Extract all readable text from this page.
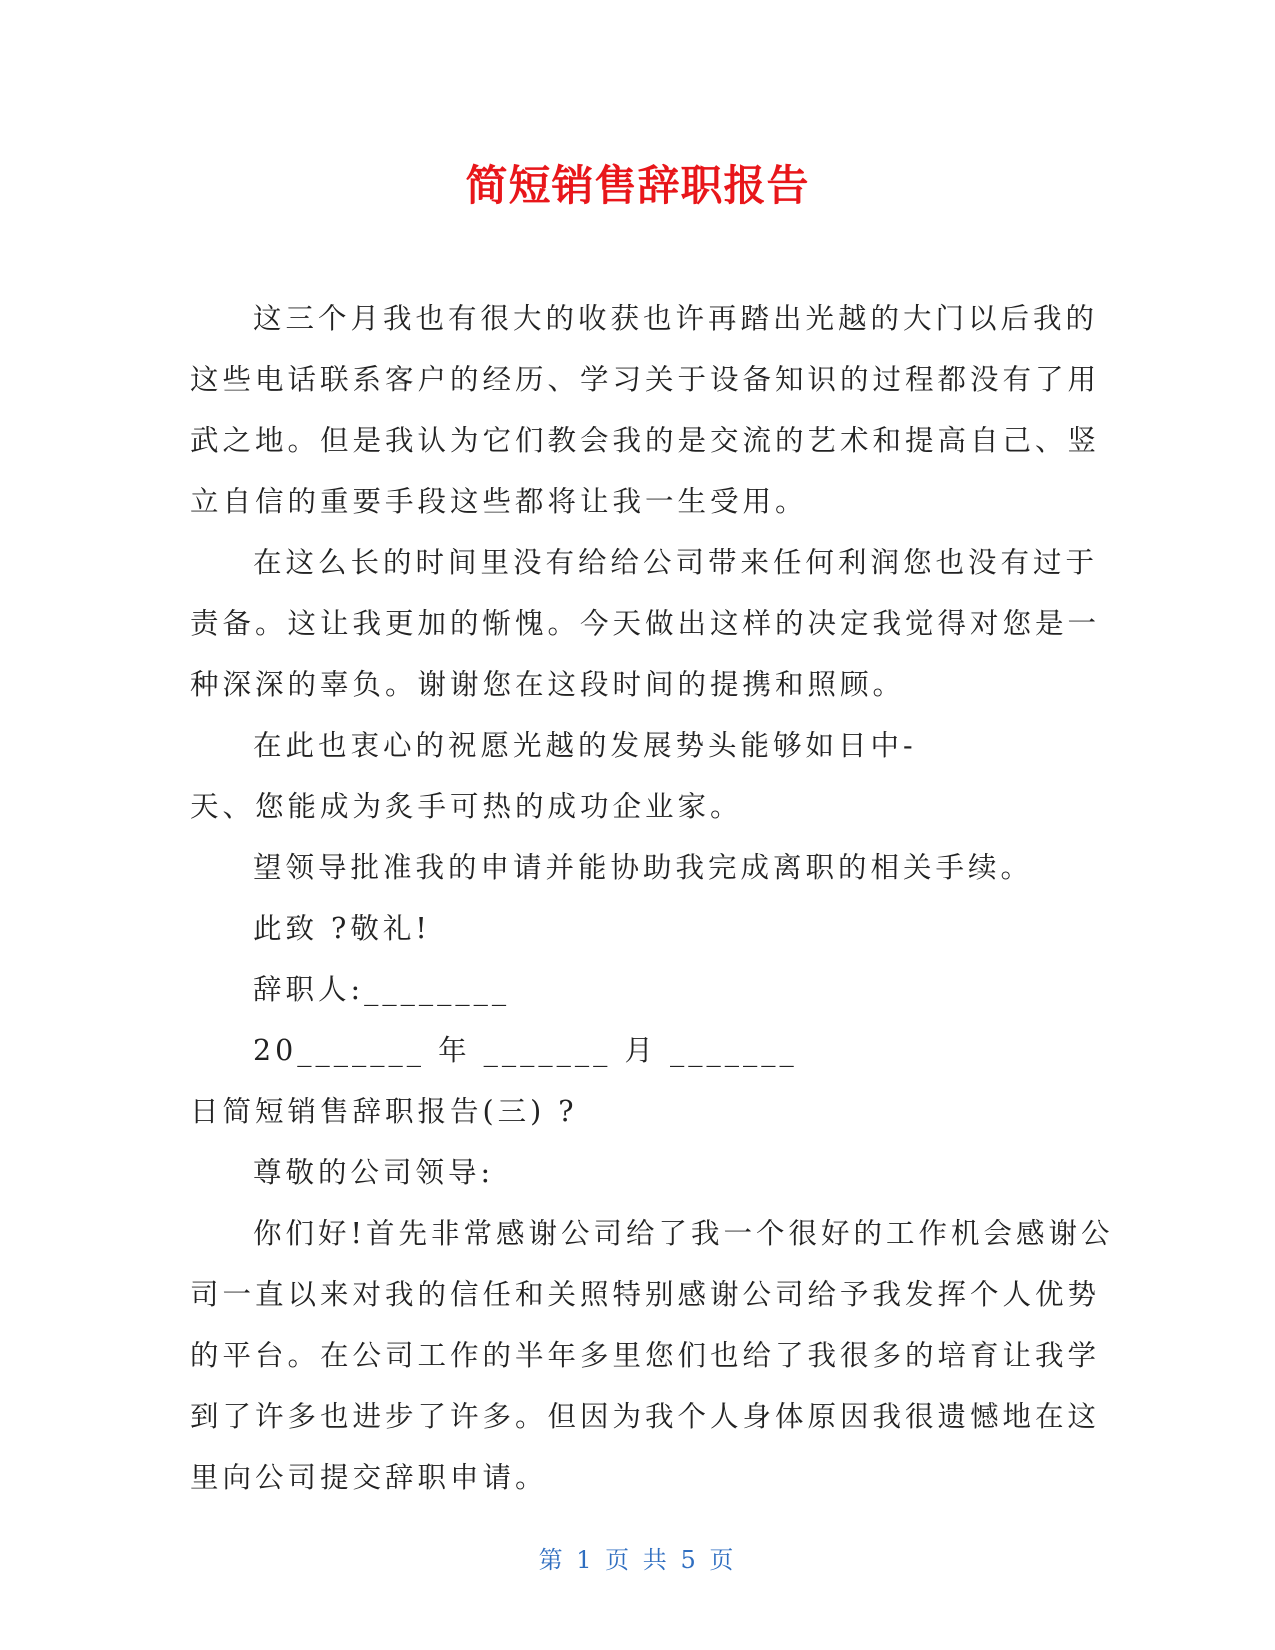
简短销售辞职报告

这三个月我也有很大的收获也许再踏出光越的大门以后我的

这些电话联系客户的经历、学习关于设备知识的过程都没有了用

武之地。但是我认为它们教会我的是交流的艺术和提高自己、竖

立自信的重要手段这些都将让我一生受用。

在这么长的时间里没有给给公司带来任何利润您也没有过于

责备。这让我更加的惭愧。今天做出这样的决定我觉得对您是一

种深深的辜负。谢谢您在这段时间的提携和照顾。

在此也衷心的祝愿光越的发展势头能够如日中-

天、您能成为炙手可热的成功企业家。

望领导批准我的申请并能协助我完成离职的相关手续。

此致 ?敬礼!

辞职人:________

20_______ 年 _______ 月 _______

日简短销售辞职报告(三) ?

尊敬的公司领导:

你们好!首先非常感谢公司给了我一个很好的工作机会感谢公

司一直以来对我的信任和关照特别感谢公司给予我发挥个人优势

的平台。在公司工作的半年多里您们也给了我很多的培育让我学

到了许多也进步了许多。但因为我个人身体原因我很遗憾地在这

里向公司提交辞职申请。

第 1 页 共 5 页
